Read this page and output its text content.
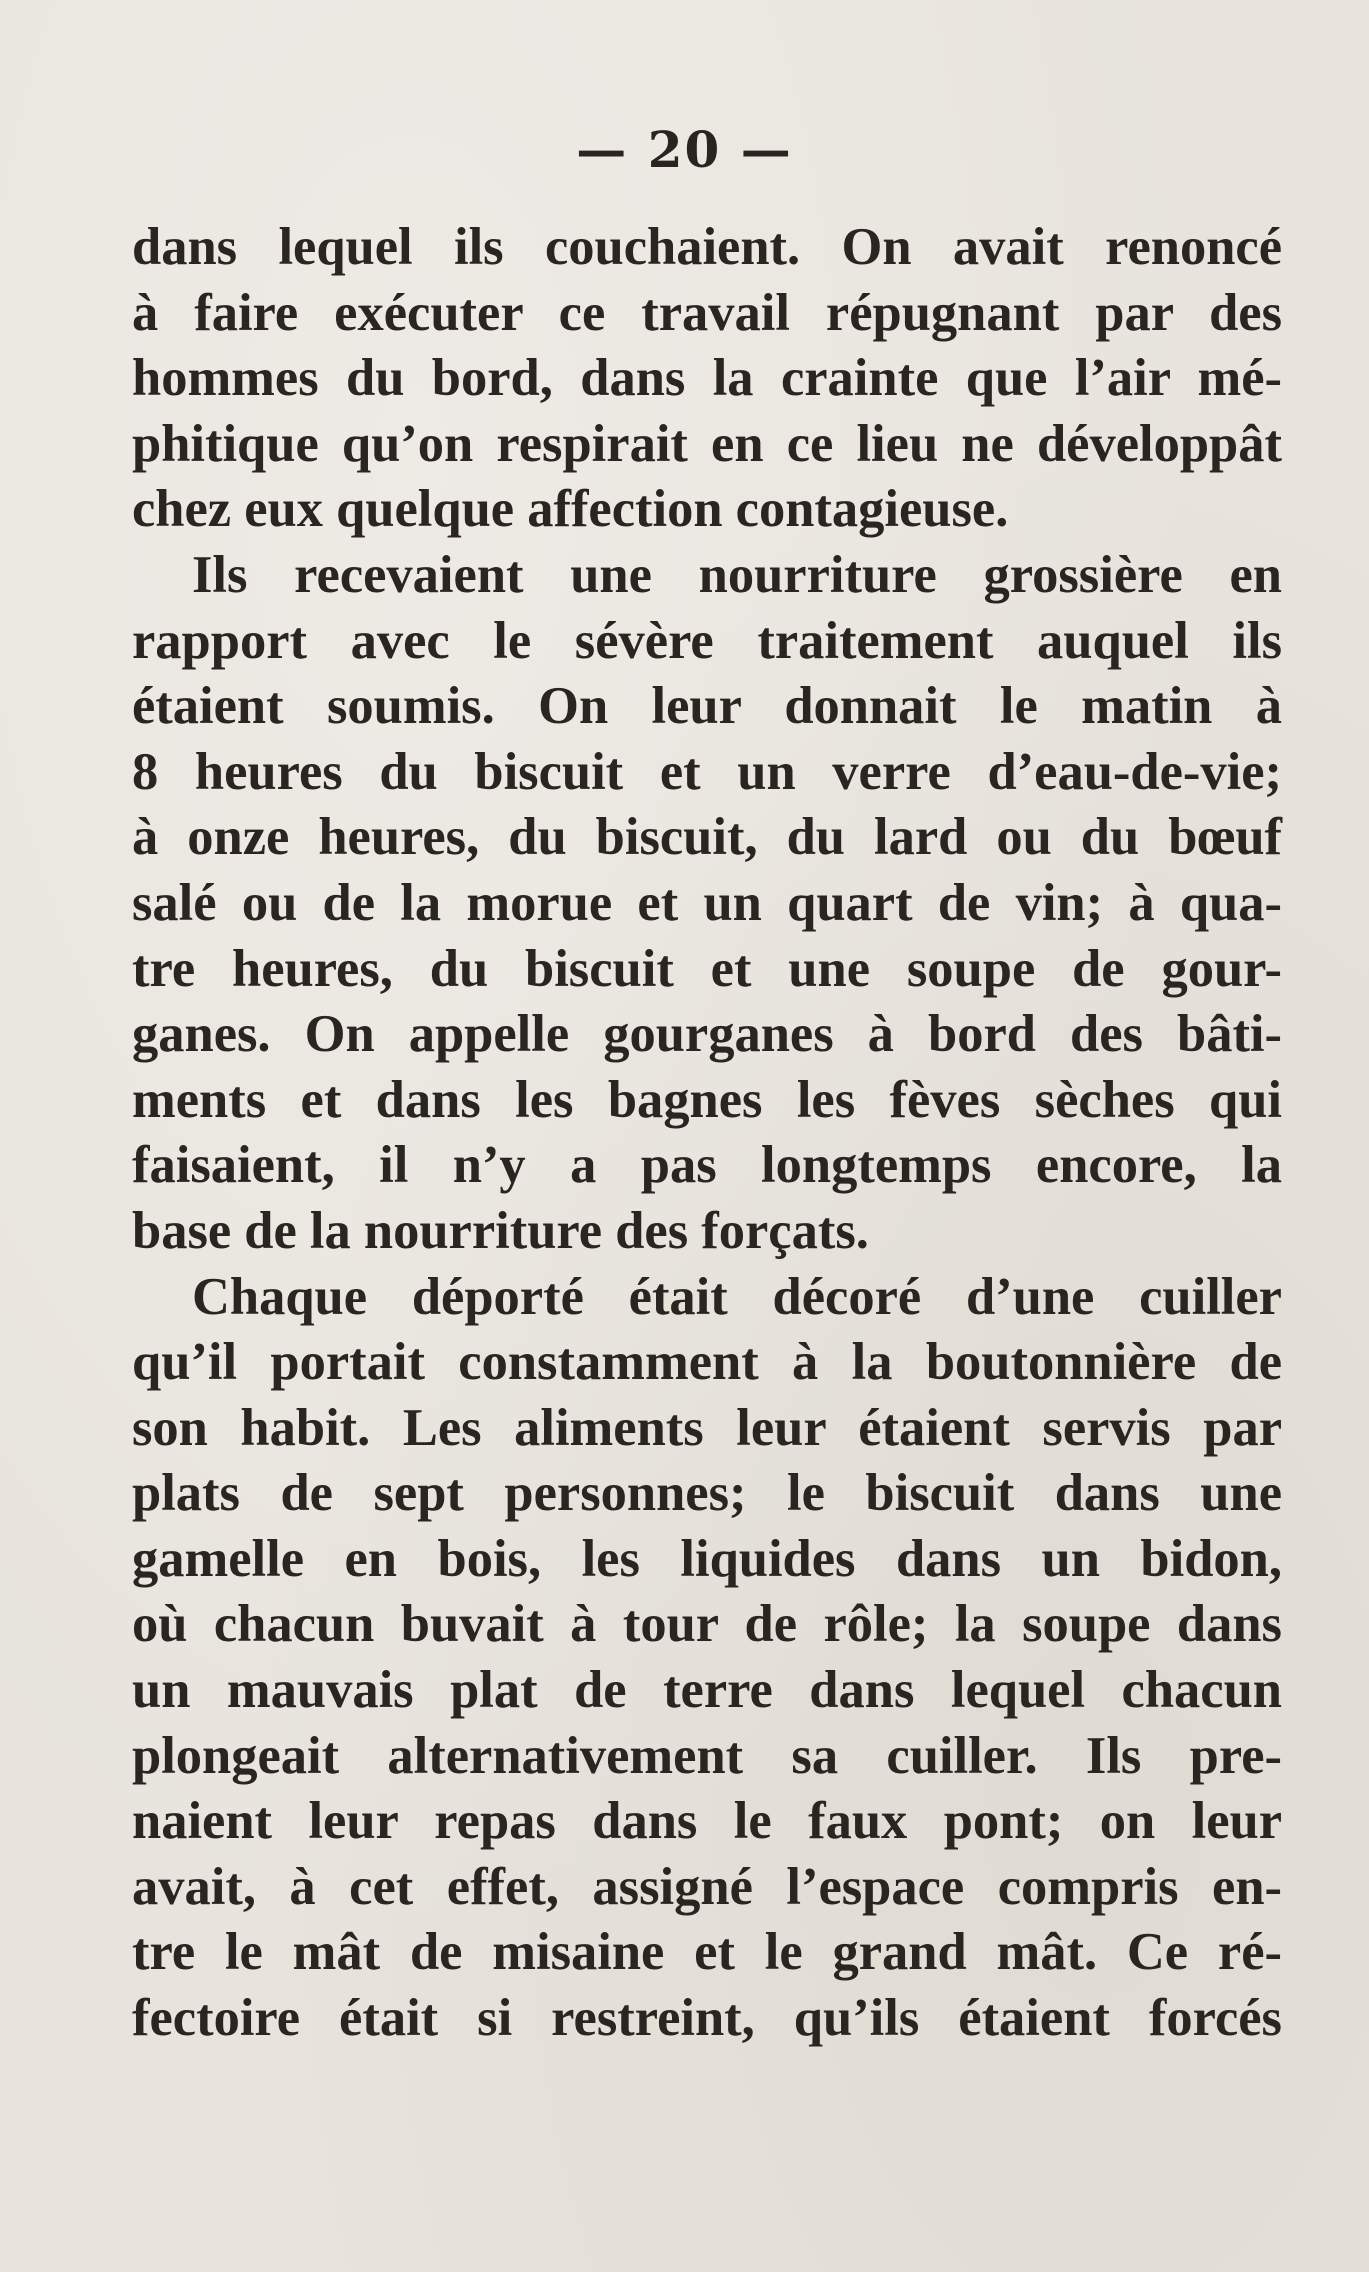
— 20 —
dans lequel ils couchaient. On avait renoncé
à faire exécuter ce travail répugnant par des
hommes du bord, dans la crainte que l’air mé-
phitique qu’on respirait en ce lieu ne développât
chez eux quelque affection contagieuse.
Ils recevaient une nourriture grossière en
rapport avec le sévère traitement auquel ils
étaient soumis. On leur donnait le matin à
8 heures du biscuit et un verre d’eau-de-vie;
à onze heures, du biscuit, du lard ou du bœuf
salé ou de la morue et un quart de vin; à qua-
tre heures, du biscuit et une soupe de gour-
ganes. On appelle gourganes à bord des bâti-
ments et dans les bagnes les fèves sèches qui
faisaient, il n’y a pas longtemps encore, la
base de la nourriture des forçats.
Chaque déporté était décoré d’une cuiller
qu’il portait constamment à la boutonnière de
son habit. Les aliments leur étaient servis par
plats de sept personnes; le biscuit dans une
gamelle en bois, les liquides dans un bidon,
où chacun buvait à tour de rôle; la soupe dans
un mauvais plat de terre dans lequel chacun
plongeait alternativement sa cuiller. Ils pre-
naient leur repas dans le faux pont; on leur
avait, à cet effet, assigné l’espace compris en-
tre le mât de misaine et le grand mât. Ce ré-
fectoire était si restreint, qu’ils étaient forcés
